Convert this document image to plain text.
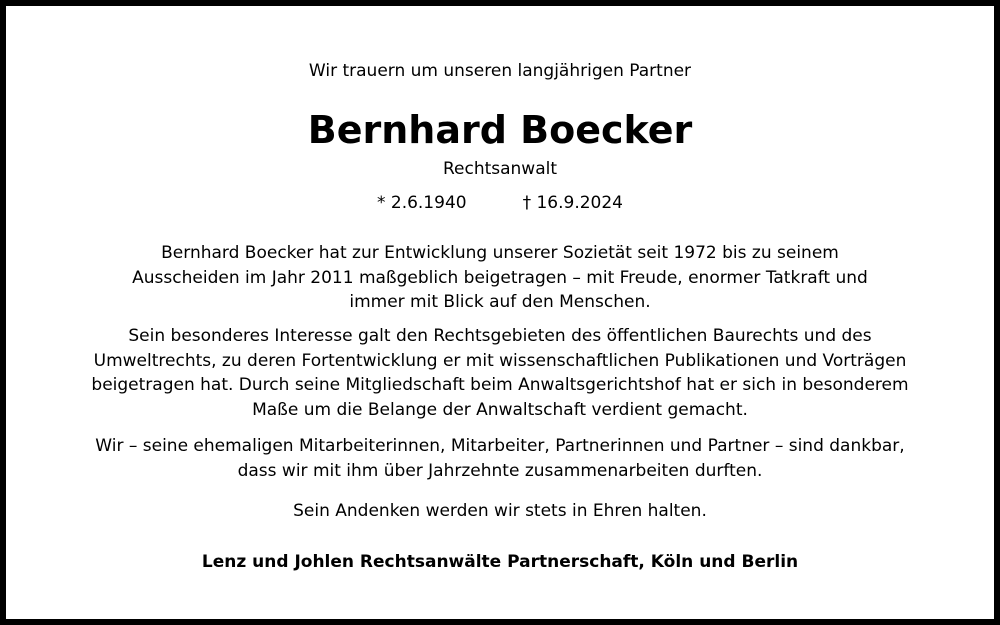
Wir trauern um unseren langjährigen Partner
Bernhard Boecker
Rechtsanwalt
* 2.6.1940	† 16.9.2024
Bernhard Boecker hat zur Entwicklung unserer Sozietät seit 1972 bis zu seinem
Ausscheiden im Jahr 2011 maßgeblich beigetragen – mit Freude, enormer Tatkraft und
immer mit Blick auf den Menschen.
Sein besonderes Interesse galt den Rechtsgebieten des öffentlichen Baurechts und des
Umweltrechts, zu deren Fortentwicklung er mit wissenschaftlichen Publikationen und Vorträgen
beigetragen hat. Durch seine Mitgliedschaft beim Anwaltsgerichtshof hat er sich in besonderem
Maße um die Belange der Anwaltschaft verdient gemacht.
Wir – seine ehemaligen Mitarbeiterinnen, Mitarbeiter, Partnerinnen und Partner – sind dankbar,
dass wir mit ihm über Jahrzehnte zusammenarbeiten durften.
Sein Andenken werden wir stets in Ehren halten.
Lenz und Johlen Rechtsanwälte Partnerschaft, Köln und Berlin
